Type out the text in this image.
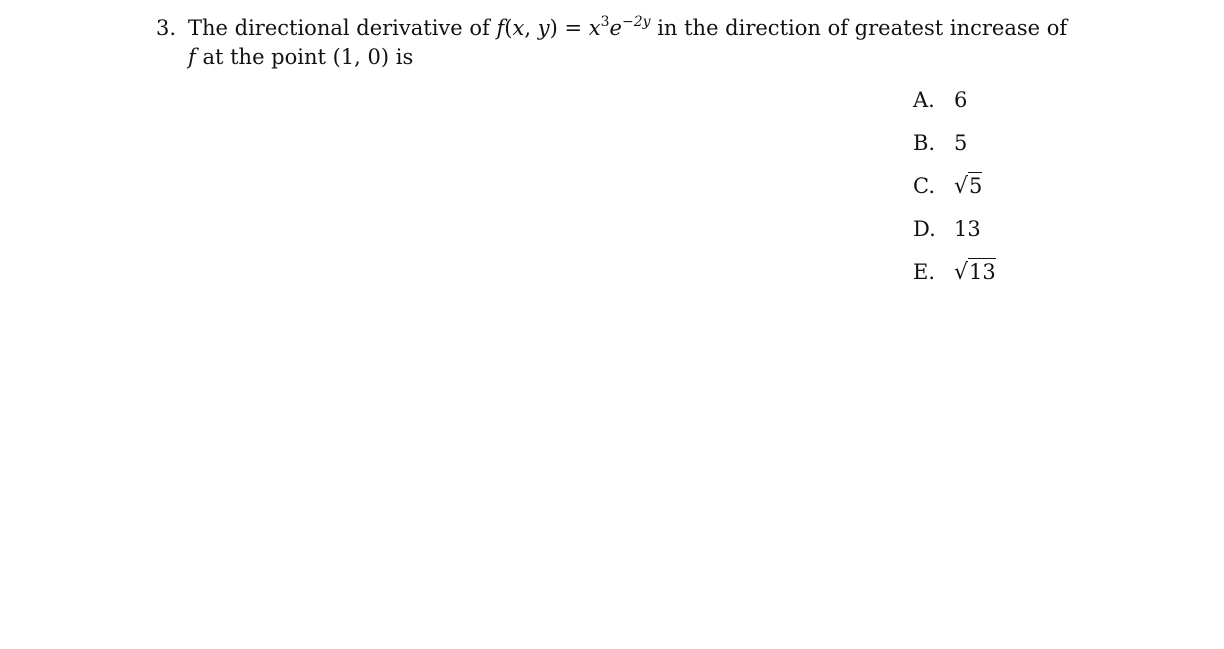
3. The directional derivative of f(x, $y) = x^3e^{-2y}$ in the direction of greatest increase of
f at the point (1, 0) is
A. 6
B. 5
C. √5
D. 13
E. √13
